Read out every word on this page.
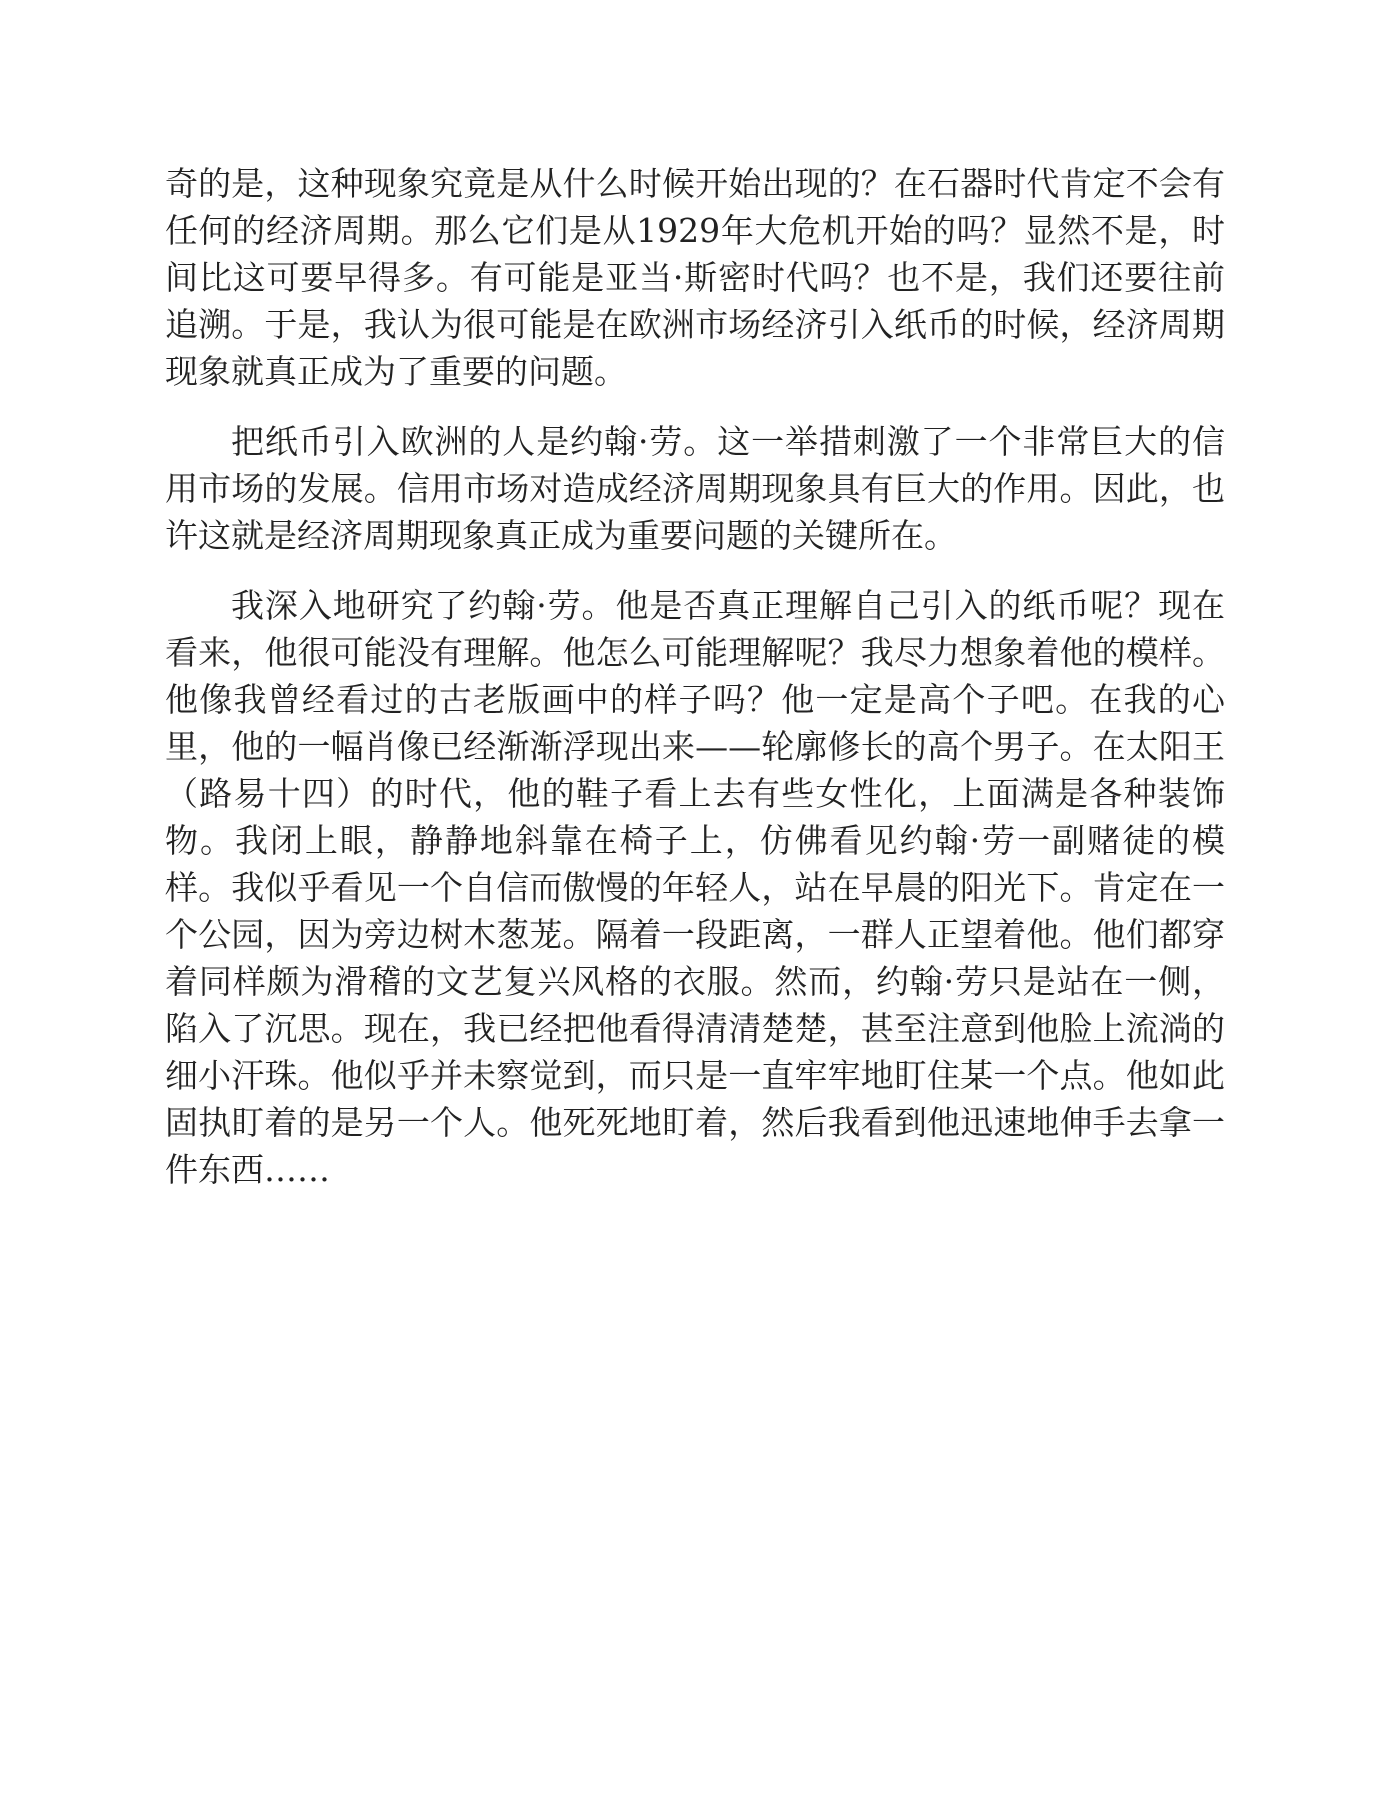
奇的是，这种现象究竟是从什么时候开始出现的？在石器时代肯定不会有任何的经济周期。那么它们是从1929年大危机开始的吗？显然不是，时间比这可要早得多。有可能是亚当·斯密时代吗？也不是，我们还要往前追溯。于是，我认为很可能是在欧洲市场经济引入纸币的时候，经济周期现象就真正成为了重要的问题。

把纸币引入欧洲的人是约翰·劳。这一举措刺激了一个非常巨大的信用市场的发展。信用市场对造成经济周期现象具有巨大的作用。因此，也许这就是经济周期现象真正成为重要问题的关键所在。

我深入地研究了约翰·劳。他是否真正理解自己引入的纸币呢？现在看来，他很可能没有理解。他怎么可能理解呢？我尽力想象着他的模样。他像我曾经看过的古老版画中的样子吗？他一定是高个子吧。在我的心里，他的一幅肖像已经渐渐浮现出来——轮廓修长的高个男子。在太阳王（路易十四）的时代，他的鞋子看上去有些女性化，上面满是各种装饰物。我闭上眼，静静地斜靠在椅子上，仿佛看见约翰·劳一副赌徒的模样。我似乎看见一个自信而傲慢的年轻人，站在早晨的阳光下。肯定在一个公园，因为旁边树木葱茏。隔着一段距离，一群人正望着他。他们都穿着同样颇为滑稽的文艺复兴风格的衣服。然而，约翰·劳只是站在一侧，陷入了沉思。现在，我已经把他看得清清楚楚，甚至注意到他脸上流淌的细小汗珠。他似乎并未察觉到，而只是一直牢牢地盯住某一个点。他如此固执盯着的是另一个人。他死死地盯着，然后我看到他迅速地伸手去拿一件东西……
